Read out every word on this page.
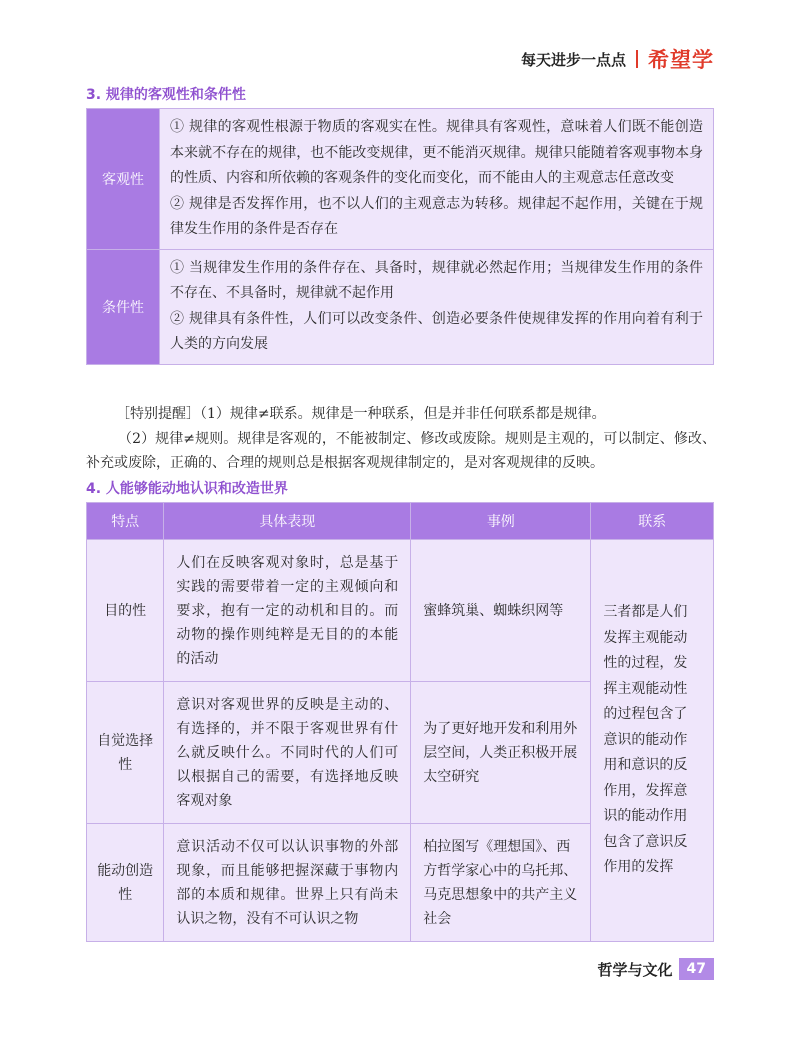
每天进步一点点 希望学
3. 规律的客观性和条件性
客观性	① 规律的客观性根源于物质的客观实在性。规律具有客观性，意味着人们既不能创造本来就不存在的规律，也不能改变规律，更不能消灭规律。规律只能随着客观事物本身的性质、内容和所依赖的客观条件的变化而变化，而不能由人的主观意志任意改变

② 规律是否发挥作用，也不以人们的主观意志为转移。规律起不起作用，关键在于规律发生作用的条件是否存在

条件性	① 当规律发生作用的条件存在、具备时，规律就必然起作用；当规律发生作用的条件不存在、不具备时，规律就不起作用

② 规律具有条件性，人们可以改变条件、创造必要条件使规律发挥的作用向着有利于人类的方向发展

［特别提醒］（1）规律≠联系。规律是一种联系，但是并非任何联系都是规律。

（2）规律≠规则。规律是客观的，不能被制定、修改或废除。规则是主观的，可以制定、修改、补充或废除，正确的、合理的规则总是根据客观规律制定的，是对客观规律的反映。

4. 人能够能动地认识和改造世界
特点	具体表现	事例	联系

目的性	人们在反映客观对象时，总是基于实践的需要带着一定的主观倾向和要求，抱有一定的动机和目的。而动物的操作则纯粹是无目的的本能的活动	蜜蜂筑巢、蜘蛛织网等	三者都是人们发挥主观能动性的过程，发挥主观能动性的过程包含了意识的能动作用和意识的反作用，发挥意识的能动作用包含了意识反作用的发挥

自觉选择性	意识对客观世界的反映是主动的、有选择的，并不限于客观世界有什么就反映什么。不同时代的人们可以根据自己的需要，有选择地反映客观对象	为了更好地开发和利用外层空间，人类正积极开展太空研究	

能动创造性	意识活动不仅可以认识事物的外部现象，而且能够把握深藏于事物内部的本质和规律。世界上只有尚未认识之物，没有不可认识之物	柏拉图写《理想国》、西方哲学家心中的乌托邦、马克思想象中的共产主义社会	
哲学与文化	47
